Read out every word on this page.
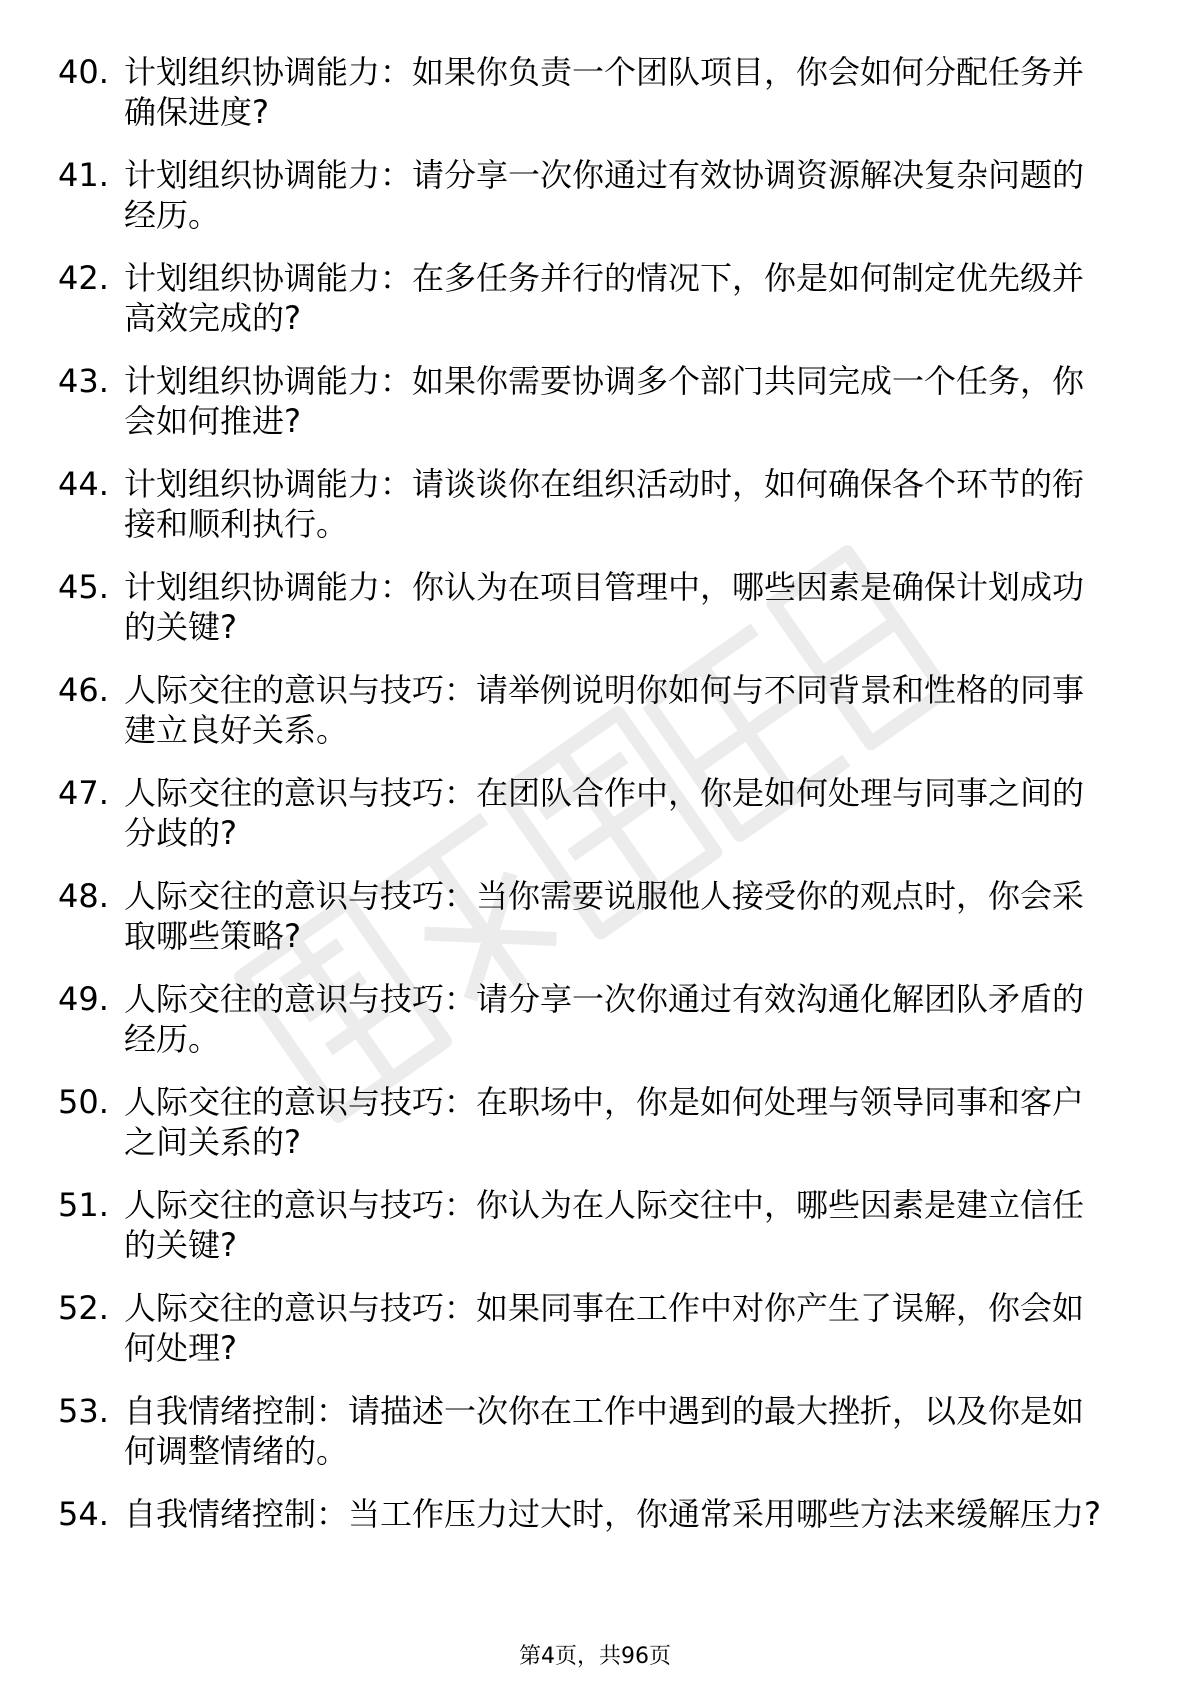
40. 计划组织协调能力：如果你负责一个团队项目，你会如何分配任务并确保进度?
41. 计划组织协调能力：请分享一次你通过有效协调资源解决复杂问题的经历。
42. 计划组织协调能力：在多任务并行的情况下，你是如何制定优先级并高效完成的?
43. 计划组织协调能力：如果你需要协调多个部门共同完成一个任务，你会如何推进?
44. 计划组织协调能力：请谈谈你在组织活动时，如何确保各个环节的衔接和顺利执行。
45. 计划组织协调能力：你认为在项目管理中，哪些因素是确保计划成功的关键?
46. 人际交往的意识与技巧：请举例说明你如何与不同背景和性格的同事建立良好关系。
47. 人际交往的意识与技巧：在团队合作中，你是如何处理与同事之间的分歧的?
48. 人际交往的意识与技巧：当你需要说服他人接受你的观点时，你会采取哪些策略?
49. 人际交往的意识与技巧：请分享一次你通过有效沟通化解团队矛盾的经历。
50. 人际交往的意识与技巧：在职场中，你是如何处理与领导同事和客户之间关系的?
51. 人际交往的意识与技巧：你认为在人际交往中，哪些因素是建立信任的关键?
52. 人际交往的意识与技巧：如果同事在工作中对你产生了误解，你会如何处理?
53. 自我情绪控制：请描述一次你在工作中遇到的最大挫折，以及你是如何调整情绪的。
54. 自我情绪控制：当工作压力过大时，你通常采用哪些方法来缓解压力?
第4页，共96页
